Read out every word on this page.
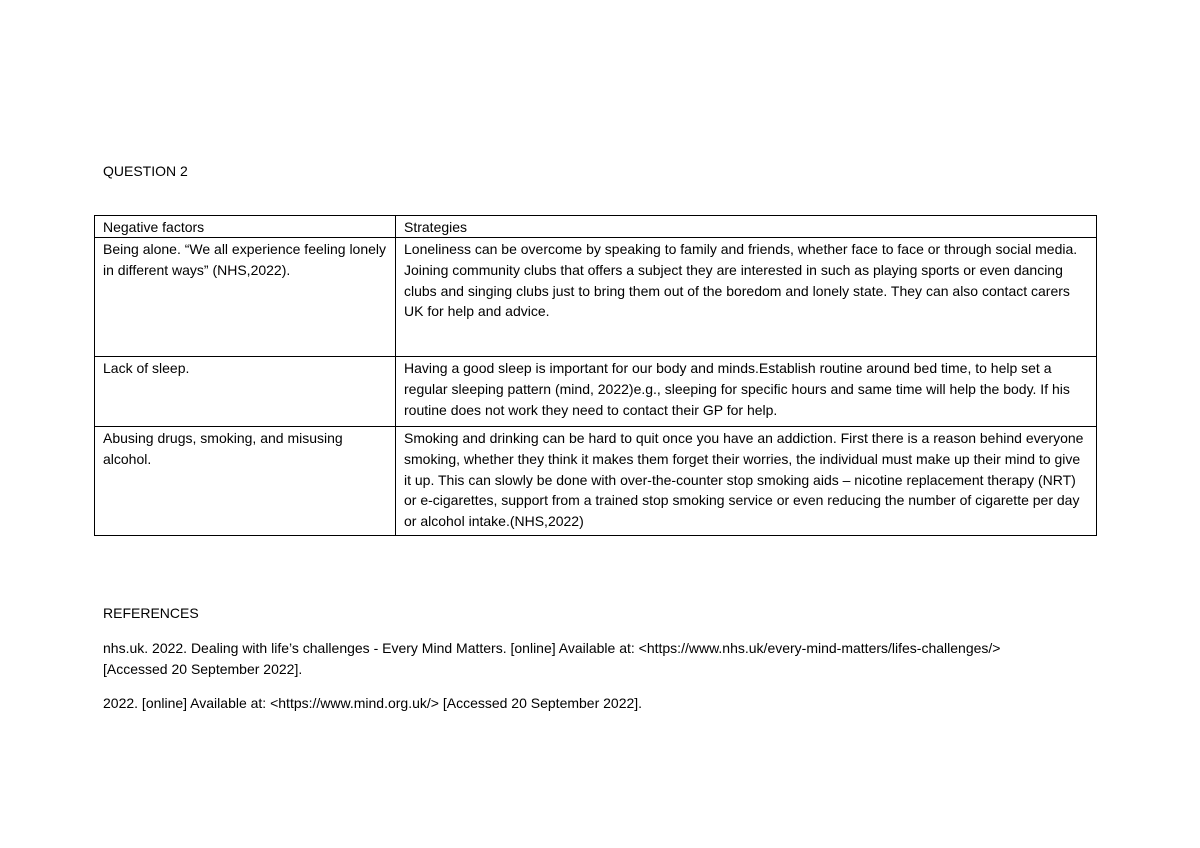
QUESTION 2
Negative factors	Strategies
Being alone. “We all experience feeling lonely in different ways” (NHS,2022).	Loneliness can be overcome by speaking to family and friends, whether face to face or through social media. Joining community clubs that offers a subject they are interested in such as playing sports or even dancing clubs and singing clubs just to bring them out of the boredom and lonely state. They can also contact carers UK for help and advice.
Lack of sleep.	Having a good sleep is important for our body and minds.Establish routine around bed time, to help set a regular sleeping pattern (mind, 2022)e.g., sleeping for specific hours and same time will help the body. If his routine does not work they need to contact their GP for help.
Abusing drugs, smoking, and misusing alcohol.	Smoking and drinking can be hard to quit once you have an addiction. First there is a reason behind everyone smoking, whether they think it makes them forget their worries, the individual must make up their mind to give it up. This can slowly be done with over-the-counter stop smoking aids – nicotine replacement therapy (NRT) or e-cigarettes, support from a trained stop smoking service or even reducing the number of cigarette per day or alcohol intake.(NHS,2022)
REFERENCES
nhs.uk. 2022. Dealing with life’s challenges - Every Mind Matters. [online] Available at: <https://www.nhs.uk/every-mind-matters/lifes-challenges/> [Accessed 20 September 2022].
2022. [online] Available at: <https://www.mind.org.uk/> [Accessed 20 September 2022].
